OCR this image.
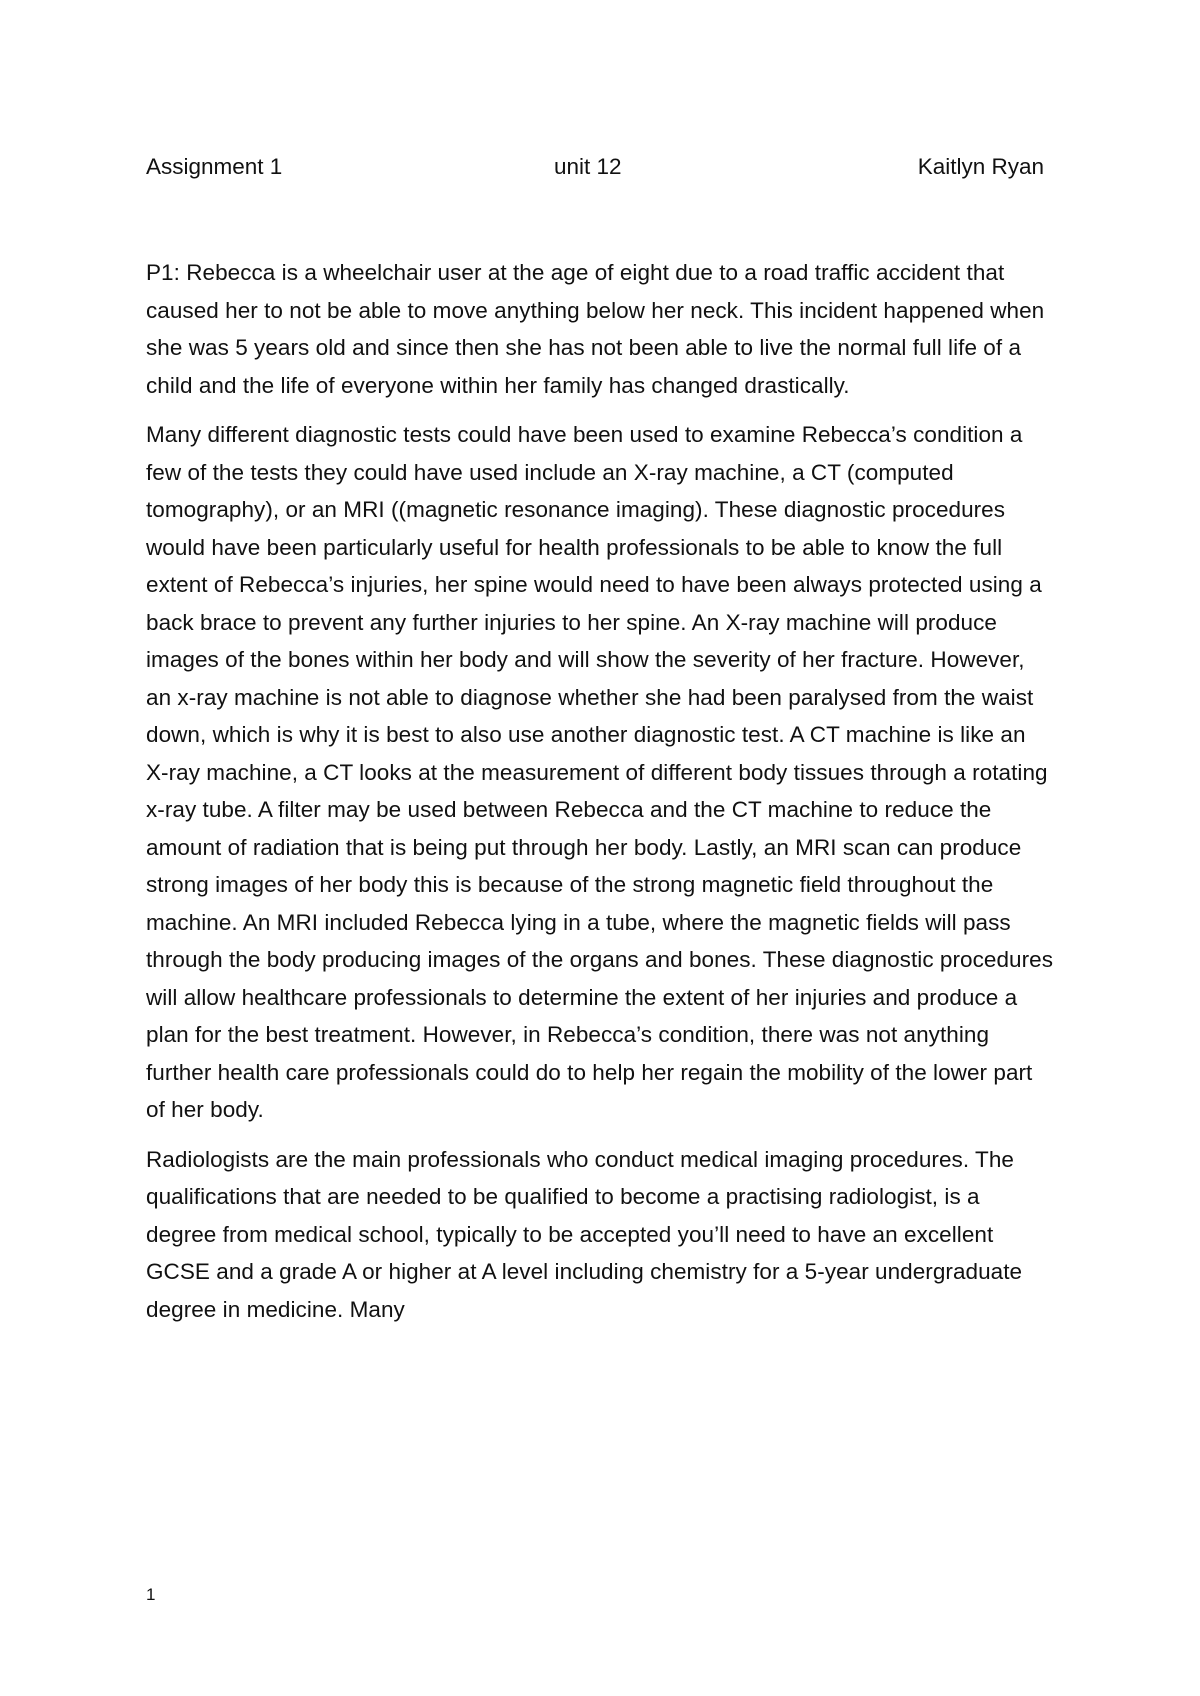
Assignment 1	unit 12	Kaitlyn Ryan

P1: Rebecca is a wheelchair user at the age of eight due to a road traffic accident that caused her to not be able to move anything below her neck. This incident happened when she was 5 years old and since then she has not been able to live the normal full life of a child and the life of everyone within her family has changed drastically.

Many different diagnostic tests could have been used to examine Rebecca’s condition a few of the tests they could have used include an X-ray machine, a CT (computed tomography), or an MRI ((magnetic resonance imaging). These diagnostic procedures would have been particularly useful for health professionals to be able to know the full extent of Rebecca’s injuries, her spine would need to have been always protected using a back brace to prevent any further injuries to her spine. An X-ray machine will produce images of the bones within her body and will show the severity of her fracture. However, an x-ray machine is not able to diagnose whether she had been paralysed from the waist down, which is why it is best to also use another diagnostic test. A CT machine is like an X-ray machine, a CT looks at the measurement of different body tissues through a rotating x-ray tube. A filter may be used between Rebecca and the CT machine to reduce the amount of radiation that is being put through her body. Lastly, an MRI scan can produce strong images of her body this is because of the strong magnetic field throughout the machine. An MRI included Rebecca lying in a tube, where the magnetic fields will pass through the body producing images of the organs and bones. These diagnostic procedures will allow healthcare professionals to determine the extent of her injuries and produce a plan for the best treatment. However, in Rebecca’s condition, there was not anything further health care professionals could do to help her regain the mobility of the lower part of her body.

Radiologists are the main professionals who conduct medical imaging procedures. The qualifications that are needed to be qualified to become a practising radiologist, is a degree from medical school, typically to be accepted you’ll need to have an excellent GCSE and a grade A or higher at A level including chemistry for a 5-year undergraduate degree in medicine. Many

1
